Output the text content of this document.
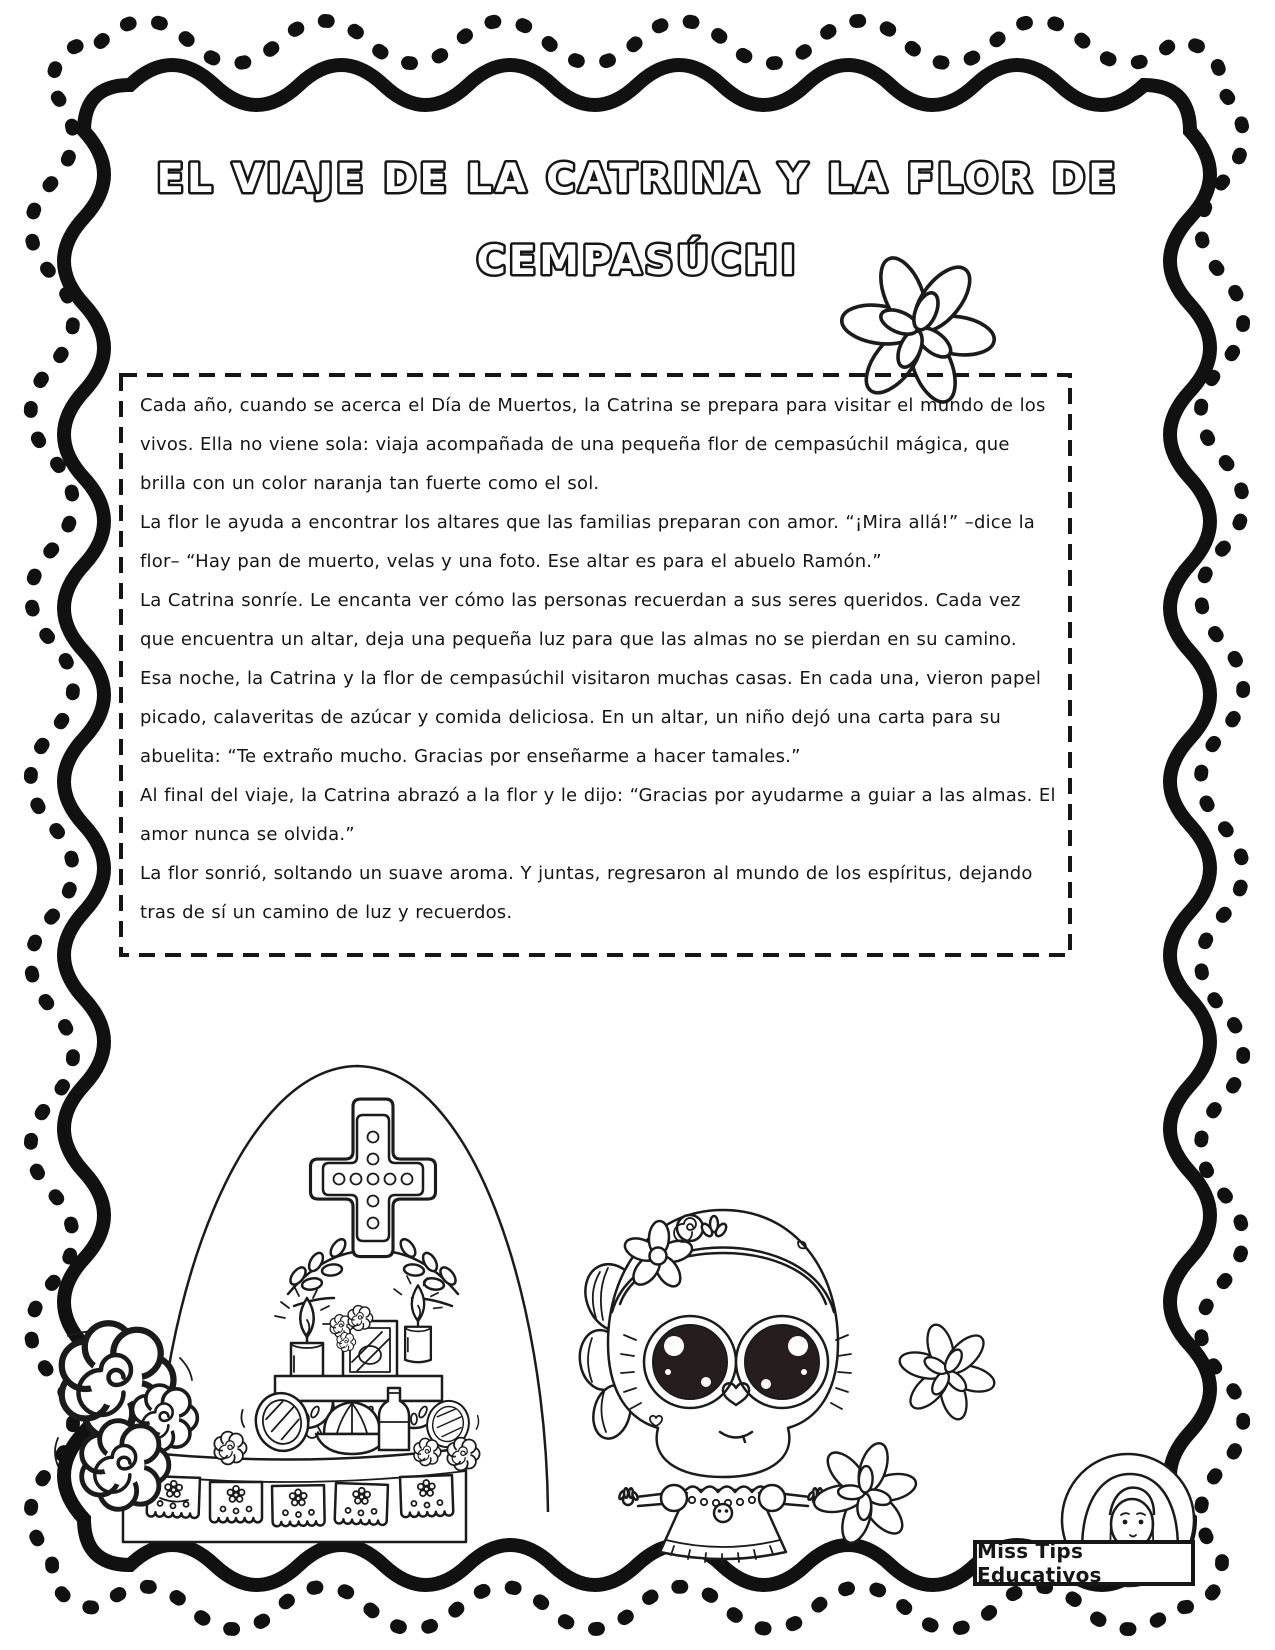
EL VIAJE DE LA CATRINA Y LA FLOR DE
CEMPASÚCHI

Cada año, cuando se acerca el Día de Muertos, la Catrina se prepara para visitar el mundo de los vivos. Ella no viene sola: viaja acompañada de una pequeña flor de cempasúchil mágica, que brilla con un color naranja tan fuerte como el sol.

La flor le ayuda a encontrar los altares que las familias preparan con amor. “¡Mira allá!” –dice la flor– “Hay pan de muerto, velas y una foto. Ese altar es para el abuelo Ramón.”

La Catrina sonríe. Le encanta ver cómo las personas recuerdan a sus seres queridos. Cada vez que encuentra un altar, deja una pequeña luz para que las almas no se pierdan en su camino.

Esa noche, la Catrina y la flor de cempasúchil visitaron muchas casas. En cada una, vieron papel picado, calaveritas de azúcar y comida deliciosa. En un altar, un niño dejó una carta para su abuelita: “Te extraño mucho. Gracias por enseñarme a hacer tamales.”

Al final del viaje, la Catrina abrazó a la flor y le dijo: “Gracias por ayudarme a guiar a las almas. El amor nunca se olvida.”

La flor sonrió, soltando un suave aroma. Y juntas, regresaron al mundo de los espíritus, dejando tras de sí un camino de luz y recuerdos.

Miss Tips Educativos
